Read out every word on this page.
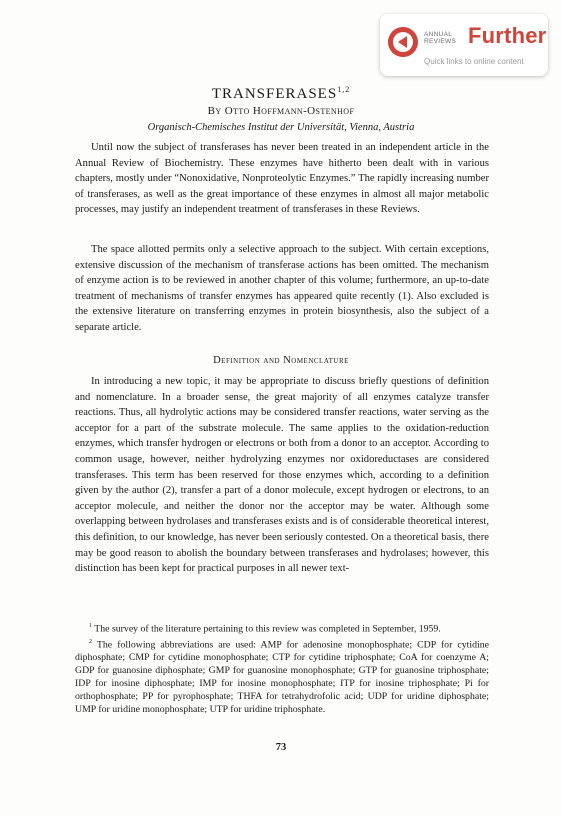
ANNUAL
REVIEWS Further
Quick links to online content
TRANSFERASES$^{1,2}$
By Otto Hoffmann-Ostenhof
Organisch-Chemisches Institut der Universität, Vienna, Austria

Until now the subject of transferases has never been treated in an independent article in the Annual Review of Biochemistry. These enzymes have hitherto been dealt with in various chapters, mostly under “Nonoxidative, Nonproteolytic Enzymes.” The rapidly increasing number of transferases, as well as the great importance of these enzymes in almost all major metabolic processes, may justify an independent treatment of transferases in these Reviews.

The space allotted permits only a selective approach to the subject. With certain exceptions, extensive discussion of the mechanism of transferase actions has been omitted. The mechanism of enzyme action is to be reviewed in another chapter of this volume; furthermore, an up-to-date treatment of mechanisms of transfer enzymes has appeared quite recently (1). Also excluded is the extensive literature on transferring enzymes in protein biosynthesis, also the subject of a separate article.

Definition and Nomenclature

In introducing a new topic, it may be appropriate to discuss briefly questions of definition and nomenclature. In a broader sense, the great majority of all enzymes catalyze transfer reactions. Thus, all hydrolytic actions may be considered transfer reactions, water serving as the acceptor for a part of the substrate molecule. The same applies to the oxidation-reduction enzymes, which transfer hydrogen or electrons or both from a donor to an acceptor. According to common usage, however, neither hydrolyzing enzymes nor oxidoreductases are considered transferases. This term has been reserved for those enzymes which, according to a definition given by the author (2), transfer a part of a donor molecule, except hydrogen or electrons, to an acceptor molecule, and neither the donor nor the acceptor may be water. Although some overlapping between hydrolases and transferases exists and is of considerable theoretical interest, this definition, to our knowledge, has never been seriously contested. On a theoretical basis, there may be good reason to abolish the boundary between transferases and hydrolases; however, this distinction has been kept for practical purposes in all newer text-

$^1$ The survey of the literature pertaining to this review was completed in September, 1959.

$^2$ The following abbreviations are used: AMP for adenosine monophosphate; CDP for cytidine diphosphate; CMP for cytidine monophosphate; CTP for cytidine triphosphate; CoA for coenzyme A; GDP for guanosine diphosphate; GMP for guanosine monophosphate; GTP for guanosine triphosphate; IDP for inosine diphosphate; IMP for inosine monophosphate; ITP for inosine triphosphate; Pi for orthophosphate; PP for pyrophosphate; THFA for tetrahydrofolic acid; UDP for uridine diphosphate; UMP for uridine monophosphate; UTP for uridine triphosphate.

73
